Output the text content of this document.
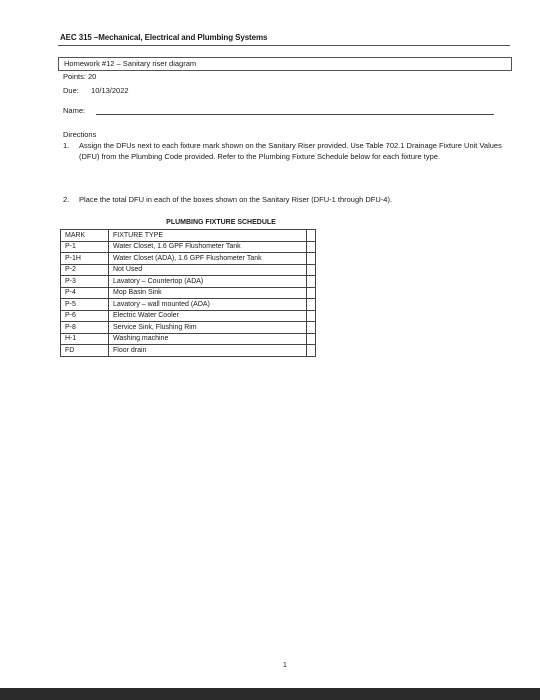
AEC 315 –Mechanical, Electrical and Plumbing Systems
Homework #12 – Sanitary riser diagram
Points: 20
Due: 10/13/2022
Name:
Directions
1. Assign the DFUs next to each fixture mark shown on the Sanitary Riser provided. Use Table 702.1 Drainage Fixture Unit Values (DFU) from the Plumbing Code provided. Refer to the Plumbing Fixture Schedule below for each fixture type.
2. Place the total DFU in each of the boxes shown on the Sanitary Riser (DFU-1 through DFU-4).
PLUMBING FIXTURE SCHEDULE
MARK	FIXTURE TYPE	
P-1	Water Closet, 1.6 GPF Flushometer Tank	
P-1H	Water Closet (ADA), 1.6 GPF Flushometer Tank	
P-2	Not Used	
P-3	Lavatory – Countertop (ADA)	
P-4	Mop Basin Sink	
P-5	Lavatory – wall mounted (ADA)	
P-6	Electric Water Cooler	
P-8	Service Sink, Flushing Rim	
H-1	Washing machine	
FD	Floor drain	
1
